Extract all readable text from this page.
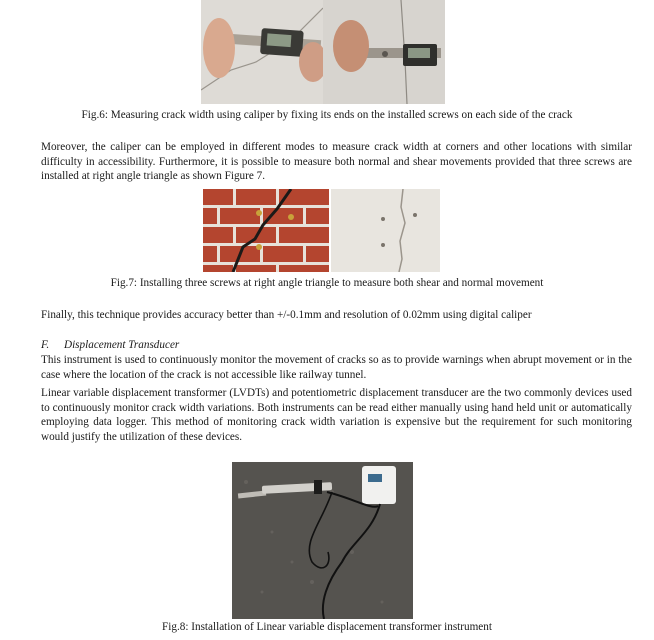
Fig.6: Measuring crack width using caliper by fixing its ends on the installed screws on each side of the crack

Moreover, the caliper can be employed in different modes to measure crack width at corners and other locations with similar difficulty in accessibility. Furthermore, it is possible to measure both normal and shear movements provided that three screws are installed at right angle triangle as shown Figure 7.

Fig.7: Installing three screws at right angle triangle to measure both shear and normal movement

Finally, this technique provides accuracy better than +/-0.1mm and resolution of 0.02mm using digital caliper

F. Displacement Transducer

This instrument is used to continuously monitor the movement of cracks so as to provide warnings when abrupt movement or in the case where the location of the crack is not accessible like railway tunnel.

Linear variable displacement transformer (LVDTs) and potentiometric displacement transducer are the two commonly devices used to continuously monitor crack width variations. Both instruments can be read either manually using hand held unit or automatically employing data logger. This method of monitoring crack width variation is expensive but the requirement for such monitoring would justify the utilization of these devices.

Fig.8: Installation of Linear variable displacement transformer instrument
